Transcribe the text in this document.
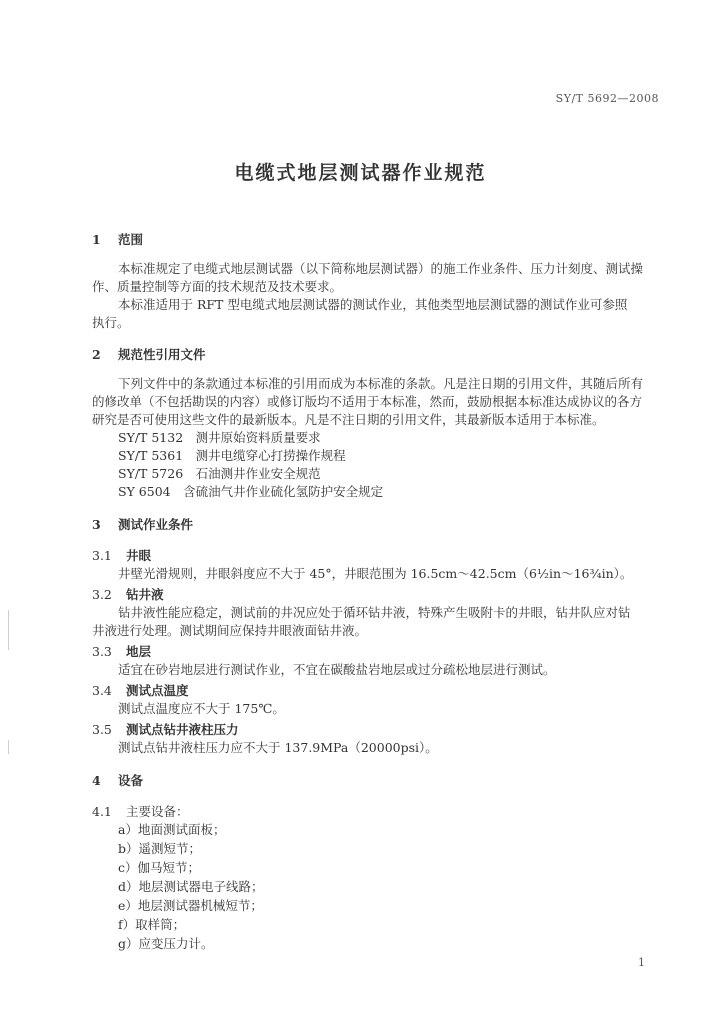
SY/T 5692—2008
电缆式地层测试器作业规范
1 范围
本标准规定了电缆式地层测试器（以下简称地层测试器）的施工作业条件、压力计刻度、测试操
作、质量控制等方面的技术规范及技术要求。
本标准适用于 RFT 型电缆式地层测试器的测试作业，其他类型地层测试器的测试作业可参照
执行。
2 规范性引用文件
下列文件中的条款通过本标准的引用而成为本标准的条款。凡是注日期的引用文件，其随后所有
的修改单（不包括勘误的内容）或修订版均不适用于本标准，然而，鼓励根据本标准达成协议的各方
研究是否可使用这些文件的最新版本。凡是不注日期的引用文件，其最新版本适用于本标准。
SY/T 5132　测井原始资料质量要求
SY/T 5361　测井电缆穿心打捞操作规程
SY/T 5726　石油测井作业安全规范
SY 6504　含硫油气井作业硫化氢防护安全规定
3 测试作业条件
3.1 井眼
井壁光滑规则，井眼斜度应不大于 45°，井眼范围为 16.5cm～42.5cm（6½in～16¾in）。
3.2 钻井液
钻井液性能应稳定，测试前的井况应处于循环钻井液，特殊产生吸附卡的井眼，钻井队应对钻
井液进行处理。测试期间应保持井眼液面钻井液。
3.3 地层
适宜在砂岩地层进行测试作业，不宜在碳酸盐岩地层或过分疏松地层进行测试。
3.4 测试点温度
测试点温度应不大于 175℃。
3.5 测试点钻井液柱压力
测试点钻井液柱压力应不大于 137.9MPa（20000psi）。
4 设备
4.1 主要设备：
a）地面测试面板；
b）遥测短节；
c）伽马短节；
d）地层测试器电子线路；
e）地层测试器机械短节；
f）取样筒；
g）应变压力计。
1
